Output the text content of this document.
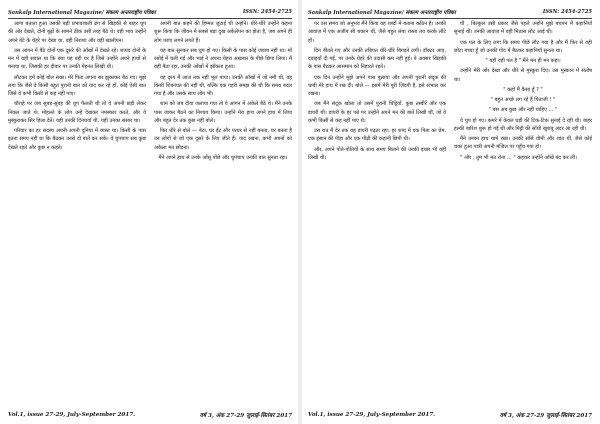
Sankalp International Magazine/ संकल्प अन्तरराष्ट्रीय पत्रिका	ISSN: 2454-2725

आगा बताता हुआ उसकी बड़ी प्रभावशाली ढंग से खिड़की से बाहर धूप की ओर देखते, दोनों बूढ़ों के सामने ठीक उसी तरह बैठे थे। वही भाव उन्होंने अपने बेटे के चेहरे पर देखा था, वही निराशा और वही खालीपन।

उस आंगन में बैठे दोनों एक दूसरे की आँखों में देखते रहे। शायद दोनों के मन में वही सवाल था कि क्या यह वही घर है जिसे उन्होंने अपने हाथों से बनाया था, जिसकी हर दीवार पर उनकी मेहनत लिखी थी।

लौटकर हमें कोई बोल सका। मेरे पिता अपना सर झुकाकर बैठ गए। मुझे लगा कि जैसे वे किसी बहुत पुरानी बात को याद कर रहे हों, कोई ऐसी बात जिसे वे कभी किसी से कह नहीं पाए।

चौराहे पर जब सुबह-सुबह की धूप फैलती थी तो वे अपनी छड़ी लेकर निकल जाते थे। मोहल्ले के लोग उन्हें देखकर नमस्कार करते, और वे मुस्कुराकर सिर हिला देते। यही उनकी दिनचर्या थी, यही उनका संसार था।

परिवार का हर सदस्य अपनी-अपनी दुनिया में व्यस्त था। किसी के पास इतना समय नहीं था कि बैठकर उनसे दो बातें कर सके। वे चुपचाप सब कुछ देखते रहते और कुछ न कहते।

अपनी बात कहने की हिम्मत जुटाई थी उन्होंने। धीरे-धीरे उन्होंने कहना शुरू किया कि जीवन में सबसे बड़ा दुख अकेलेपन का होता है, जब अपने ही लोग पराए लगने लगते हैं।

यह बात सुनकर सब चुप हो गए। किसी के पास कोई जवाब नहीं था। माँ रसोई में चली गई और भाई ने अपना चेहरा अखबार के पीछे छिपा लिया। मैं वहीं बैठा रहा, उनकी आँखों में झाँकता हुआ।

वह दृश्य मैं आज तक नहीं भूल पाया। उनकी आँखों में जो नमी थी, वह किसी शिकायत की नहीं थी, बल्कि एक गहरी समझ की थी कि समय बदल गया है और उसके साथ लोग भी।

शाम को जब दीया जलाया गया तो वे आंगन में अकेले बैठे थे। मैंने उनके पास जाकर बैठने का निश्चय किया। उन्होंने मेरा हाथ अपने हाथ में लिया और बहुत देर तक कुछ नहीं बोले।

फिर धीरे से बोले — बेटा, घर ईंट और पत्थर से नहीं बनता, घर बनता है उन लोगों से जो एक दूसरे के लिए जीते हैं। याद रखना, कभी अपनों को अकेला मत छोड़ना।

मैंने अपने हाथ से उनके आँसू पोंछे और चुपचाप उनकी बात सुनता रहा।

Vol.1, issue 27-29, July-September 2017.	वर्ष 3, अंक 27-29 जुलाई-सितंबर 2017
Sankalp International Magazine/ संकल्प अन्तरराष्ट्रीय पत्रिका	ISSN: 2454-2725

पर उस समय जो अनुभव मैंने किया वह शब्दों में बताना कठिन है। उनकी आवाज़ में एक अजीब सी थकान थी, जैसे बहुत लंबा रास्ता तय करके लौटे हों।

दिन बीतते गए और उनकी तबियत धीरे-धीरे बिगड़ने लगी। डॉक्टर आए, दवाइयाँ दी गईं, पर उनके चेहरे की उदासी कम नहीं हुई। वे अक्सर खिड़की के पास बैठकर आसमान को निहारते रहते।

एक दिन उन्होंने मुझे अपने पास बुलाया और अपनी पुरानी संदूक की चाबी मेरे हाथ में रख दी। बोले — इसमें मेरी पूरी ज़िंदगी है, इसे संभाल कर रखना।

जब मैंने संदूक खोला तो उसमें पुरानी चिट्ठियाँ, कुछ तस्वीरें और एक डायरी थी। डायरी के हर पन्ने पर उन्होंने अपने मन की बातें लिखी थीं, जो वे कभी किसी से कह नहीं पाए थे।

उस रात मैं देर तक वह डायरी पढ़ता रहा। हर शब्द में एक पिता का प्रेम, एक इंसान की पीड़ा और एक पीढ़ी की कहानी छिपी थी।

और, अपने पोते-पोतियों के साथ समय बिताने की उनकी इच्छा भी वहीं लिखी थी।

घी , बिल्कुल उसी प्रकार जैसे पहले उन्होंने मुझे बचपन में कहानियाँ सुनाई थीं। उनकी आवाज़ में वही मिठास लौट आई थी।

एक पल के लिए लगा कि समय पीछे लौट गया है और मैं फिर से वही छोटा बच्चा हूँ जो उनकी गोद में बैठकर कहानियाँ सुनता था।

" यही वही पल है " मैंने मन ही मन कहा।

उन्होंने मेरी ओर देखा और धीरे से मुस्कुरा दिए। उस मुस्कान में संतोष था।

" कहो मैं कैसा हूँ ? "

" बहुत अच्छे लग रहे हैं पिताजी ! "

" बस अब कुछ और नहीं चाहिए ... "

वे चुप हो गए। कमरे में केवल घड़ी की टिक-टिक सुनाई दे रही थी। बाहर हल्की बारिश शुरू हो गई थी और मिट्टी की सोंधी खुशबू अंदर आ रही थी।

मैंने उनका हाथ थामे रखा। उनकी साँसें धीमी और शांत थीं, जैसे कोई थका हुआ यात्री अपनी मंज़िल पर पहुँच गया हो।

" और , तुम भी मत रोना ... " कहकर उन्होंने आँखें बंद कर लीं।

Vol.1, issue 27-29, July-September 2017.	वर्ष 3, अंक 27-29 जुलाई-सितंबर 2017
